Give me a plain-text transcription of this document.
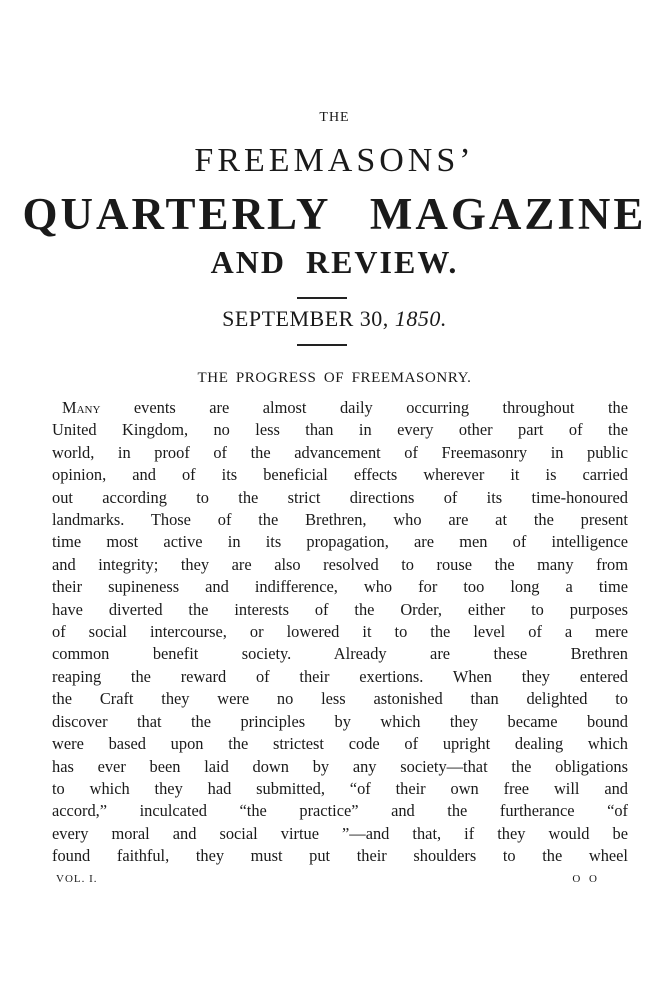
THE
FREEMASONS’
QUARTERLY MAGAZINE
AND REVIEW.
SEPTEMBER 30, 1850.
THE PROGRESS OF FREEMASONRY.
Many events are almost daily occurring throughout the
United Kingdom, no less than in every other part of the
world, in proof of the advancement of Freemasonry in public
opinion, and of its beneficial effects wherever it is carried
out according to the strict directions of its time-honoured
landmarks. Those of the Brethren, who are at the present
time most active in its propagation, are men of intelligence
and integrity; they are also resolved to rouse the many from
their supineness and indifference, who for too long a time
have diverted the interests of the Order, either to purposes
of social intercourse, or lowered it to the level of a mere
common benefit society. Already are these Brethren
reaping the reward of their exertions. When they entered
the Craft they were no less astonished than delighted to
discover that the principles by which they became bound
were based upon the strictest code of upright dealing which
has ever been laid down by any society—that the obligations
to which they had submitted, “of their own free will and
accord,” inculcated “the practice” and the furtherance “of
every moral and social virtue ”—and that, if they would be
found faithful, they must put their shoulders to the wheel
VOL. I.	O O
